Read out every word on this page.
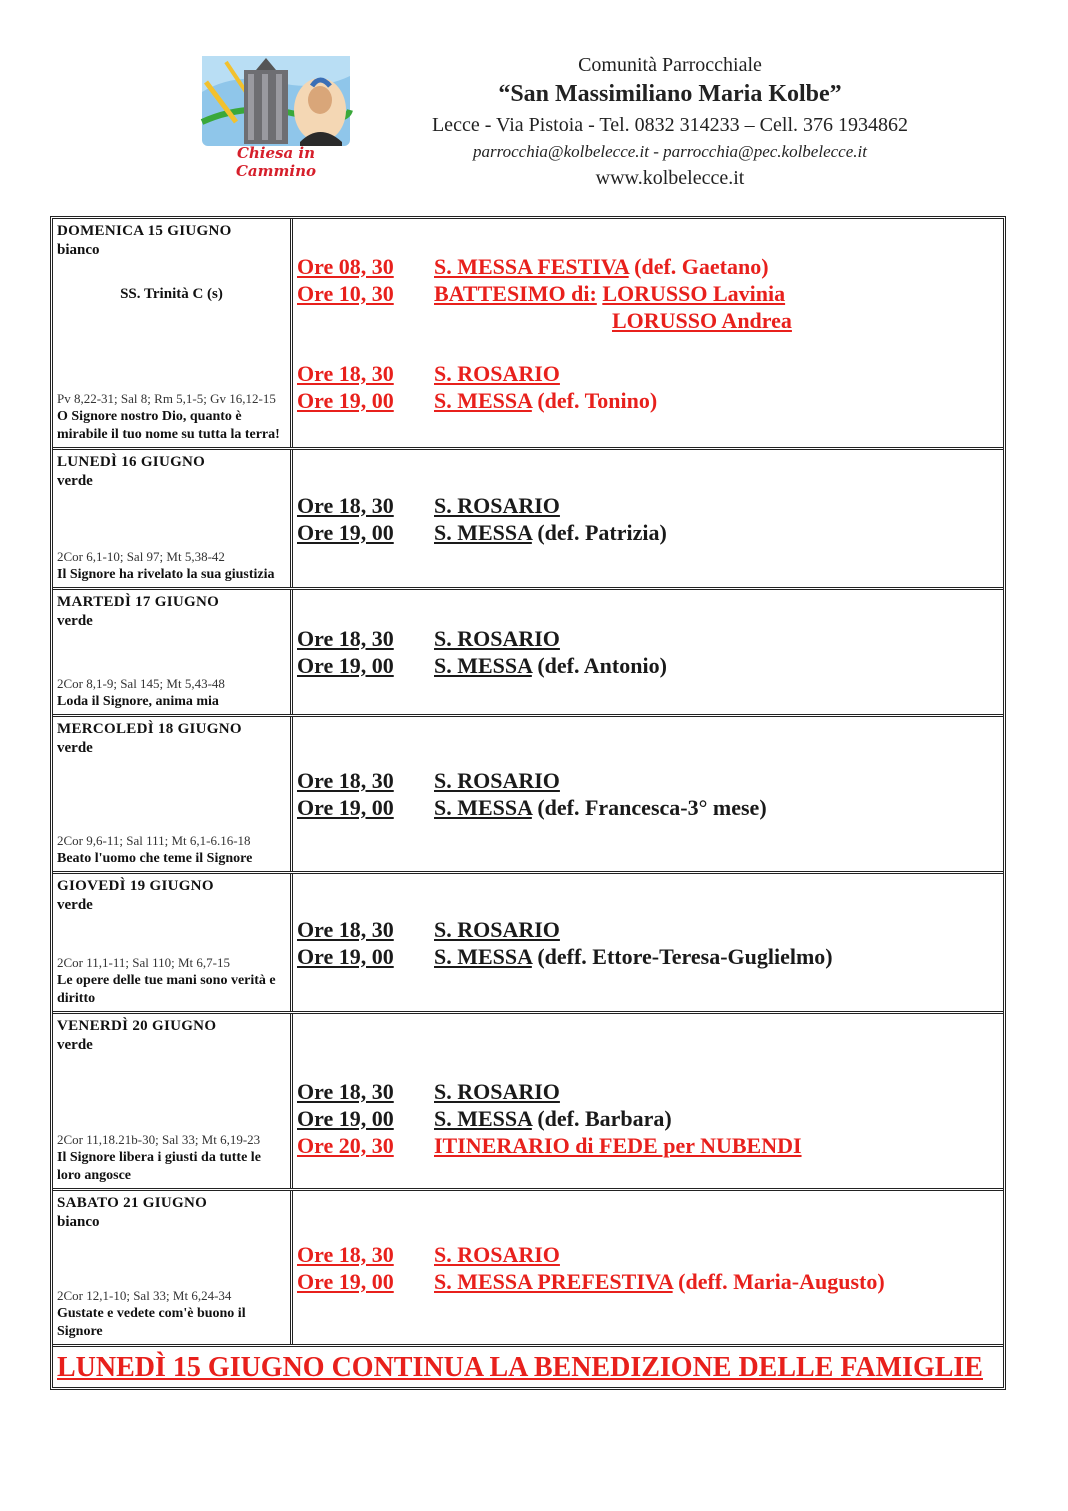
Chiesa in Cammino
Comunità Parrocchiale
“San Massimiliano Maria Kolbe”
Lecce - Via Pistoia - Tel. 0832 314233 – Cell. 376 1934862
parrocchia@kolbelecce.it - parrocchia@pec.kolbelecce.it
www.kolbelecce.it
DOMENICA 15 GIUGNO
bianco
SS. Trinità C (s)
Pv 8,22-31; Sal 8; Rm 5,1-5; Gv 16,12-15
O Signore nostro Dio, quanto è mirabile il tuo nome su tutta la terra!
Ore 08, 30	S. MESSA FESTIVA (def. Gaetano)
Ore 10, 30	BATTESIMO di: LORUSSO Lavinia
LORUSSO Andrea
Ore 18, 30	S. ROSARIO
Ore 19, 00	S. MESSA (def. Tonino)
LUNEDÌ 16 GIUGNO
verde
2Cor 6,1-10; Sal 97; Mt 5,38-42
Il Signore ha rivelato la sua giustizia
Ore 18, 30	S. ROSARIO
Ore 19, 00	S. MESSA (def. Patrizia)
MARTEDÌ 17 GIUGNO
verde
2Cor 8,1-9; Sal 145; Mt 5,43-48
Loda il Signore, anima mia
Ore 18, 30	S. ROSARIO
Ore 19, 00	S. MESSA (def. Antonio)
MERCOLEDÌ 18 GIUGNO
verde
2Cor 9,6-11; Sal 111; Mt 6,1-6.16-18
Beato l'uomo che teme il Signore
Ore 18, 30	S. ROSARIO
Ore 19, 00	S. MESSA (def. Francesca-3° mese)
GIOVEDÌ 19 GIUGNO
verde
2Cor 11,1-11; Sal 110; Mt 6,7-15
Le opere delle tue mani sono verità e diritto
Ore 18, 30	S. ROSARIO
Ore 19, 00	S. MESSA (deff. Ettore-Teresa-Guglielmo)
VENERDÌ 20 GIUGNO
verde
2Cor 11,18.21b-30; Sal 33; Mt 6,19-23
Il Signore libera i giusti da tutte le loro angosce
Ore 18, 30	S. ROSARIO
Ore 19, 00	S. MESSA (def. Barbara)
Ore 20, 30	ITINERARIO di FEDE per NUBENDI
SABATO 21 GIUGNO
bianco
2Cor 12,1-10; Sal 33; Mt 6,24-34
Gustate e vedete com'è buono il Signore
Ore 18, 30	S. ROSARIO
Ore 19, 00	S. MESSA PREFESTIVA (deff. Maria-Augusto)
LUNEDÌ 15 GIUGNO CONTINUA LA BENEDIZIONE DELLE FAMIGLIE
